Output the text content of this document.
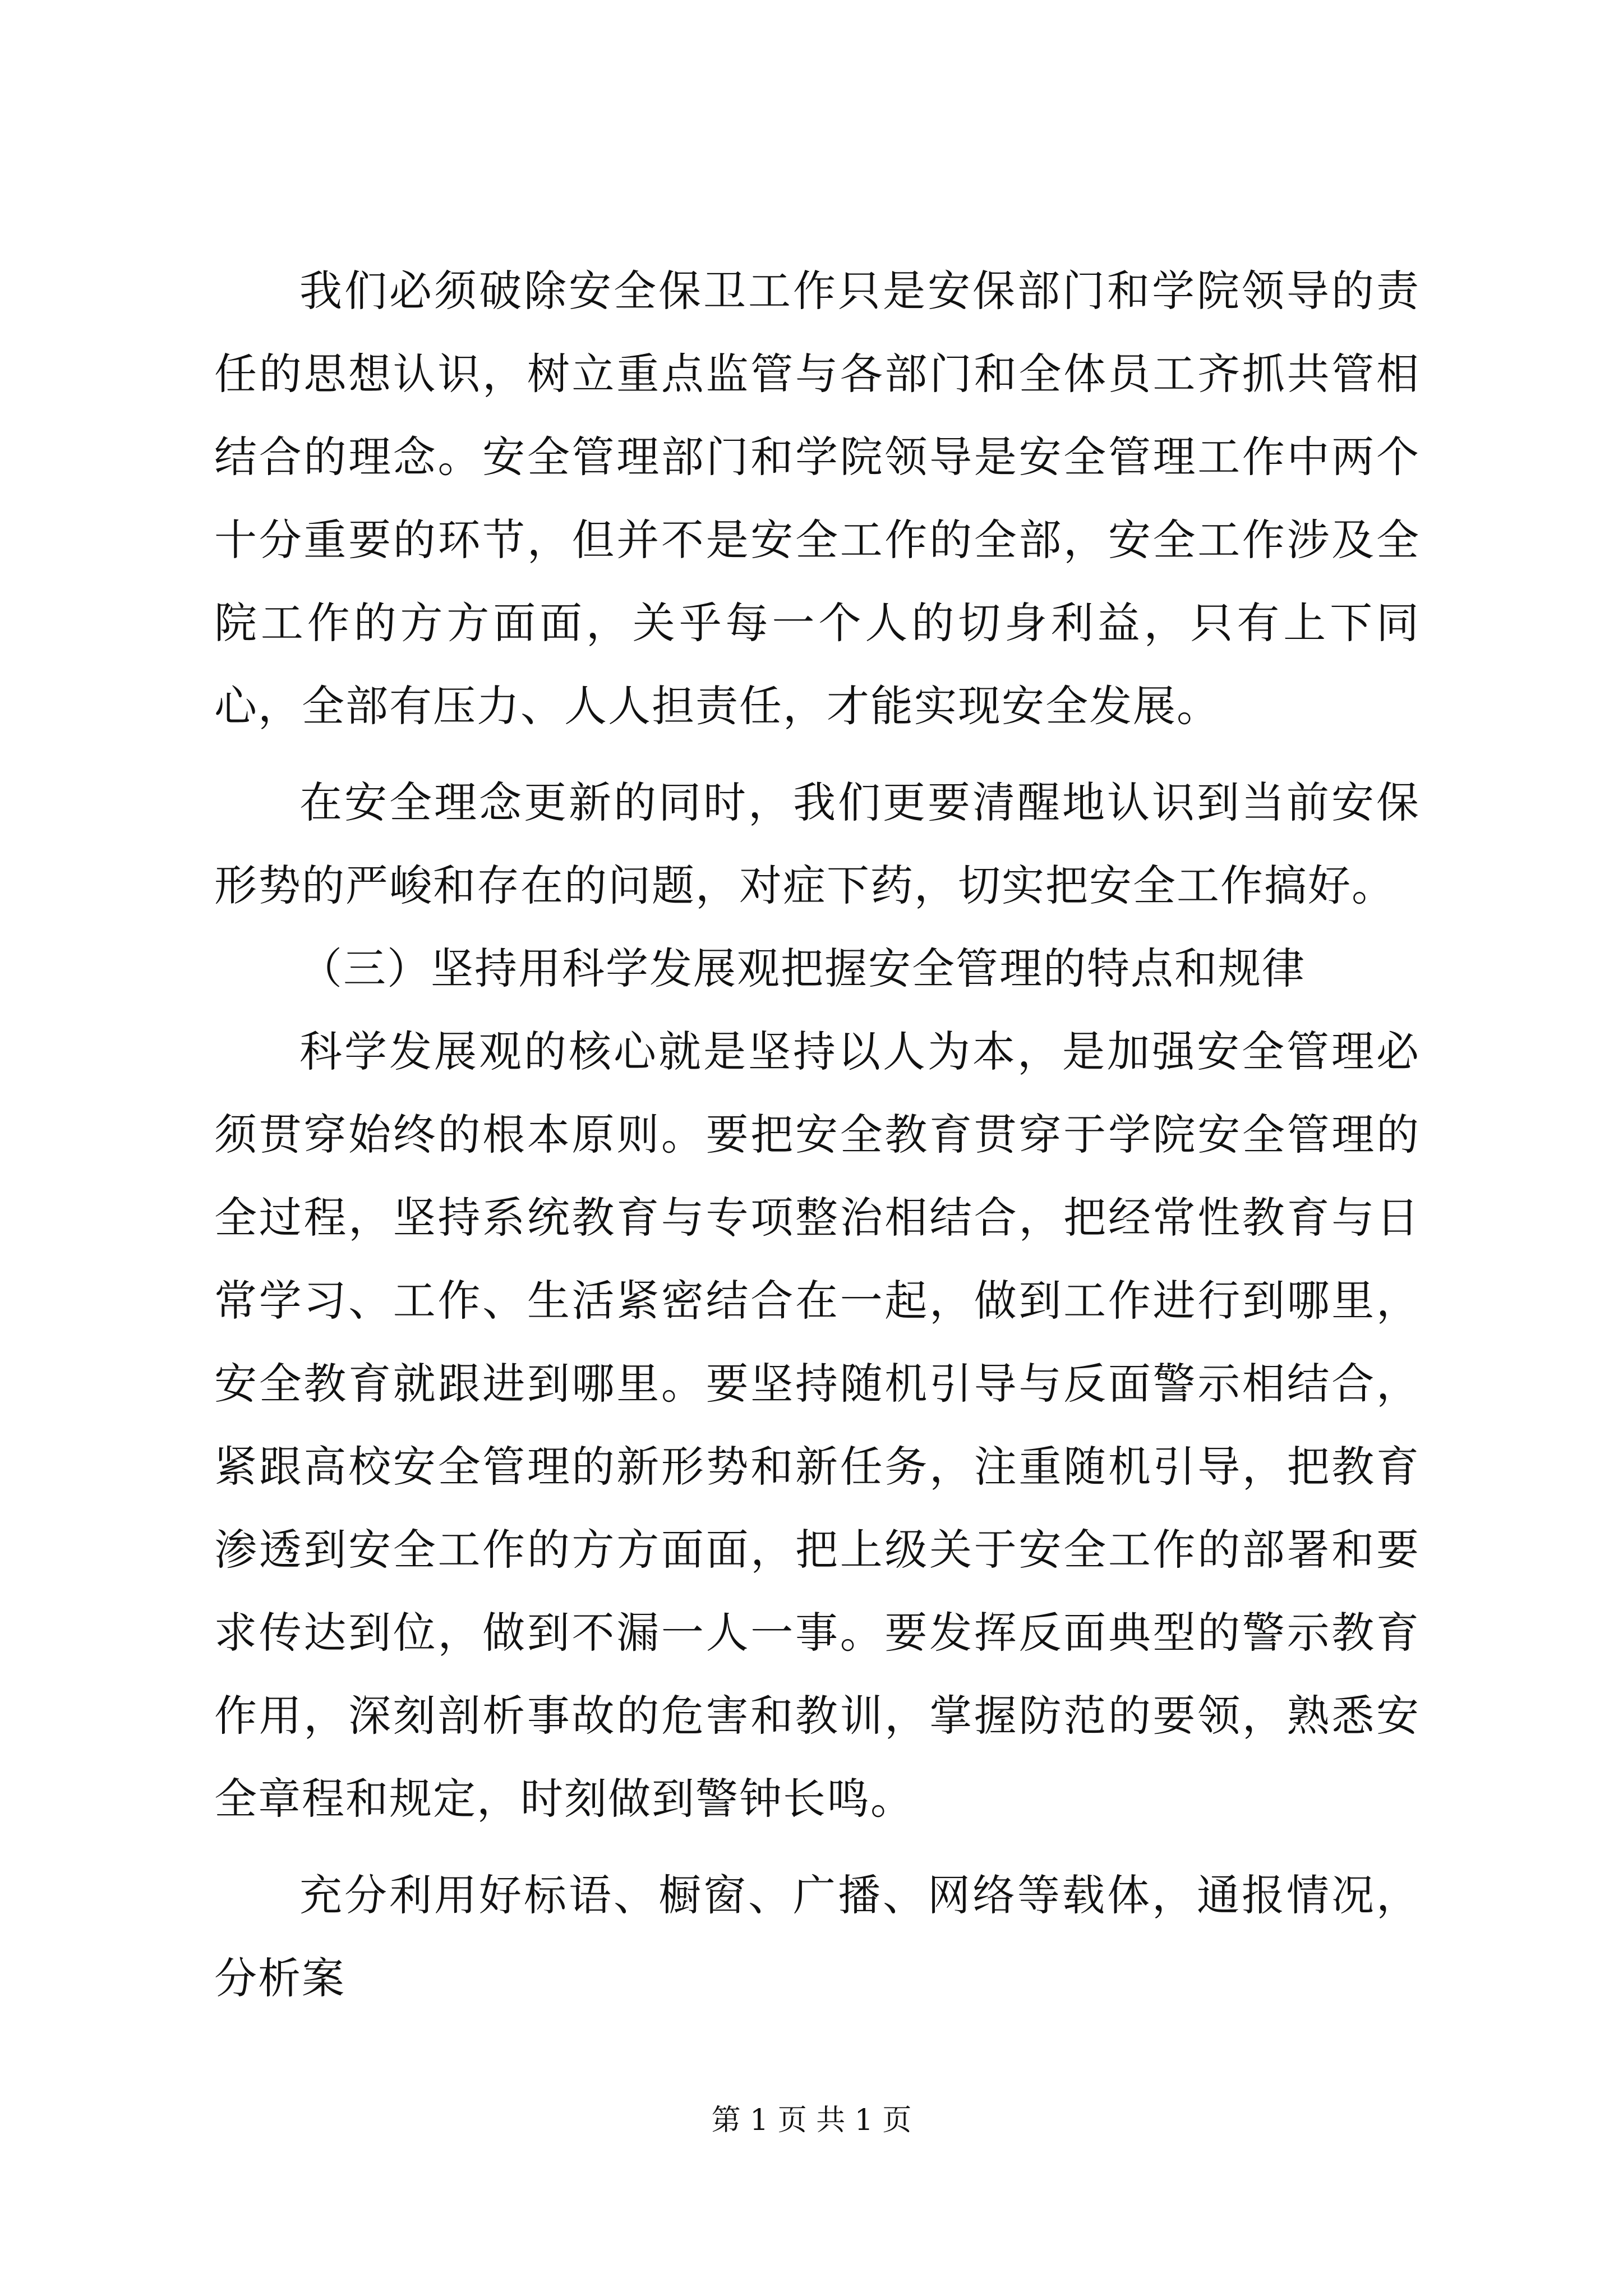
我们必须破除安全保卫工作只是安保部门和学院领导的责任的思想认识，树立重点监管与各部门和全体员工齐抓共管相结合的理念。安全管理部门和学院领导是安全管理工作中两个十分重要的环节，但并不是安全工作的全部，安全工作涉及全院工作的方方面面，关乎每一个人的切身利益，只有上下同心，全部有压力、人人担责任，才能实现安全发展。

在安全理念更新的同时，我们更要清醒地认识到当前安保形势的严峻和存在的问题，对症下药，切实把安全工作搞好。

（三）坚持用科学发展观把握安全管理的特点和规律

科学发展观的核心就是坚持以人为本，是加强安全管理必须贯穿始终的根本原则。要把安全教育贯穿于学院安全管理的全过程，坚持系统教育与专项整治相结合，把经常性教育与日常学习、工作、生活紧密结合在一起，做到工作进行到哪里，安全教育就跟进到哪里。要坚持随机引导与反面警示相结合，紧跟高校安全管理的新形势和新任务，注重随机引导，把教育渗透到安全工作的方方面面，把上级关于安全工作的部署和要求传达到位，做到不漏一人一事。要发挥反面典型的警示教育作用，深刻剖析事故的危害和教训，掌握防范的要领，熟悉安全章程和规定，时刻做到警钟长鸣。

充分利用好标语、橱窗、广播、网络等载体，通报情况，分析案

第 1 页 共 1 页
